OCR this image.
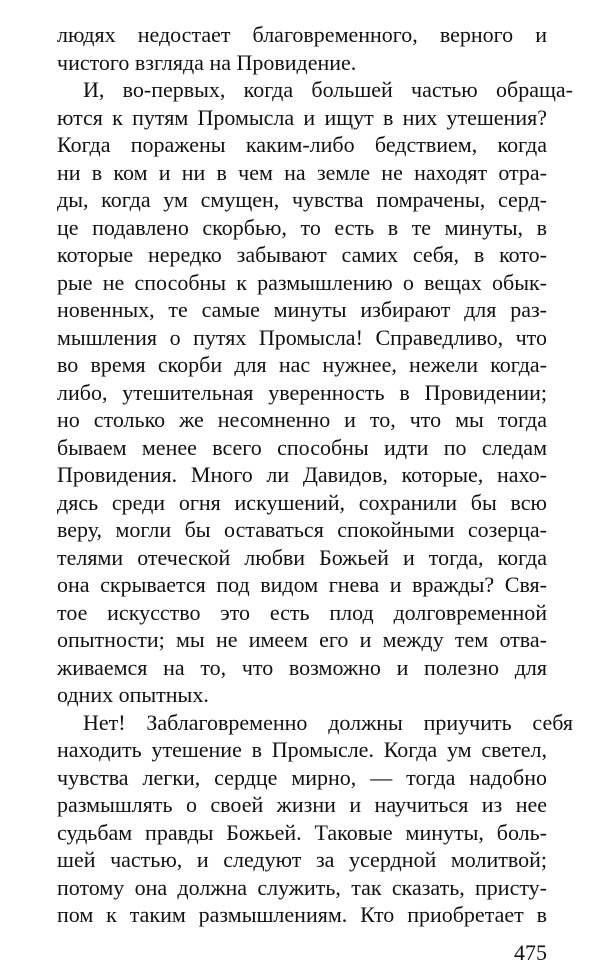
людях недостает благовременного, верного и
чистого взгляда на Провидение.
И, во-первых, когда большей частью обраща-
ются к путям Промысла и ищут в них утешения?
Когда поражены каким-либо бедствием, когда
ни в ком и ни в чем на земле не находят отра-
ды, когда ум смущен, чувства помрачены, серд-
це подавлено скорбью, то есть в те минуты, в
которые нередко забывают самих себя, в кото-
рые не способны к размышлению о вещах обык-
новенных, те самые минуты избирают для раз-
мышления о путях Промысла! Справедливо, что
во время скорби для нас нужнее, нежели когда-
либо, утешительная уверенность в Провидении;
но столько же несомненно и то, что мы тогда
бываем менее всего способны идти по следам
Провидения. Много ли Давидов, которые, нахо-
дясь среди огня искушений, сохранили бы всю
веру, могли бы оставаться спокойными созерца-
телями отеческой любви Божьей и тогда, когда
она скрывается под видом гнева и вражды? Свя-
тое искусство это есть плод долговременной
опытности; мы не имеем его и между тем отва-
живаемся на то, что возможно и полезно для
одних опытных.
Нет! Заблаговременно должны приучить себя
находить утешение в Промысле. Когда ум светел,
чувства легки, сердце мирно, — тогда надобно
размышлять о своей жизни и научиться из нее
судьбам правды Божьей. Таковые минуты, боль-
шей частью, и следуют за усердной молитвой;
потому она должна служить, так сказать, присту-
пом к таким размышлениям. Кто приобретает в
475
